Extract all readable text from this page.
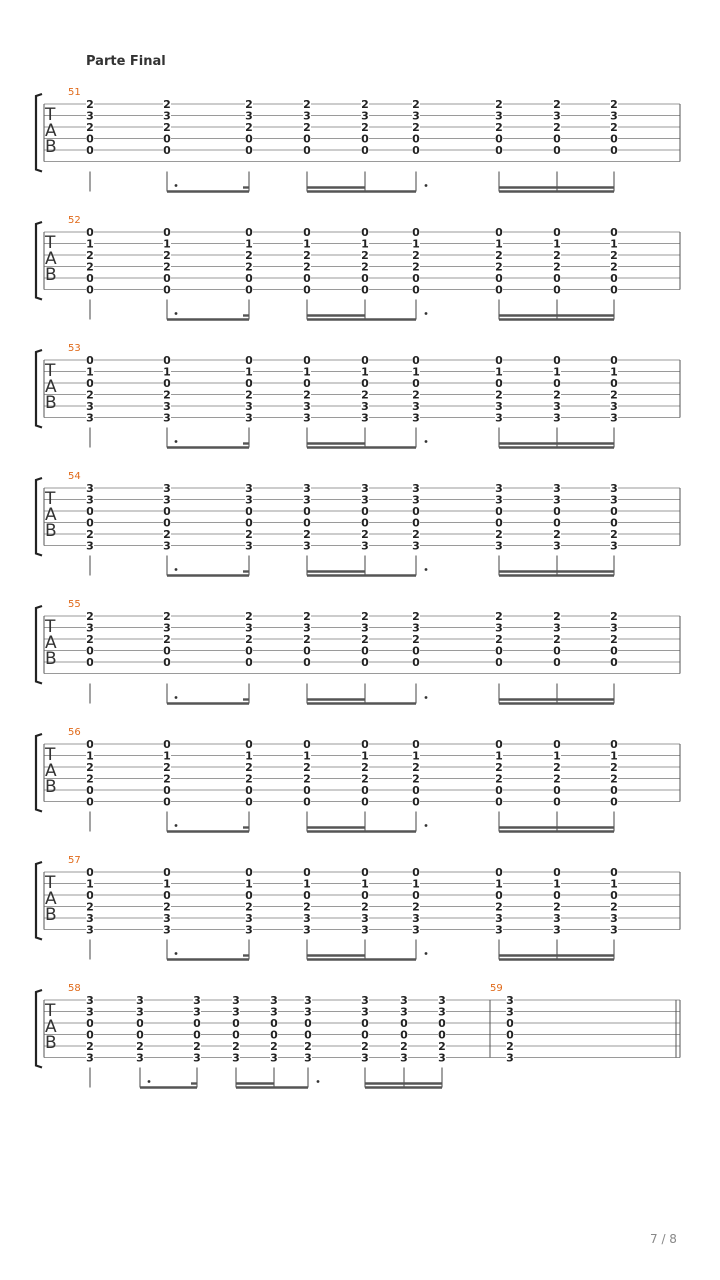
Parte Final
T
A
B
51
2
3
2
0
0
2
3
2
0
0
2
3
2
0
0
2
3
2
0
0
2
3
2
0
0
2
3
2
0
0
2
3
2
0
0
2
3
2
0
0
2
3
2
0
0
T
A
B
52
0
1
2
2
0
0
0
1
2
2
0
0
0
1
2
2
0
0
0
1
2
2
0
0
0
1
2
2
0
0
0
1
2
2
0
0
0
1
2
2
0
0
0
1
2
2
0
0
0
1
2
2
0
0
T
A
B
53
0
1
0
2
3
3
0
1
0
2
3
3
0
1
0
2
3
3
0
1
0
2
3
3
0
1
0
2
3
3
0
1
0
2
3
3
0
1
0
2
3
3
0
1
0
2
3
3
0
1
0
2
3
3
T
A
B
54
3
3
0
0
2
3
3
3
0
0
2
3
3
3
0
0
2
3
3
3
0
0
2
3
3
3
0
0
2
3
3
3
0
0
2
3
3
3
0
0
2
3
3
3
0
0
2
3
3
3
0
0
2
3
T
A
B
55
2
3
2
0
0
2
3
2
0
0
2
3
2
0
0
2
3
2
0
0
2
3
2
0
0
2
3
2
0
0
2
3
2
0
0
2
3
2
0
0
2
3
2
0
0
T
A
B
56
0
1
2
2
0
0
0
1
2
2
0
0
0
1
2
2
0
0
0
1
2
2
0
0
0
1
2
2
0
0
0
1
2
2
0
0
0
1
2
2
0
0
0
1
2
2
0
0
0
1
2
2
0
0
T
A
B
57
0
1
0
2
3
3
0
1
0
2
3
3
0
1
0
2
3
3
0
1
0
2
3
3
0
1
0
2
3
3
0
1
0
2
3
3
0
1
0
2
3
3
0
1
0
2
3
3
0
1
0
2
3
3
T
A
B
58	59
3
3
0
0
2
3
3
3
0
0
2
3
3
3
0
0
2
3
3
3
0
0
2
3
3
3
0
0
2
3
3
3
0
0
2
3
3
3
0
0
2
3
3
3
0
0
2
3
3
3
0
0
2
3
3
3
0
0
2
3
7 / 8
